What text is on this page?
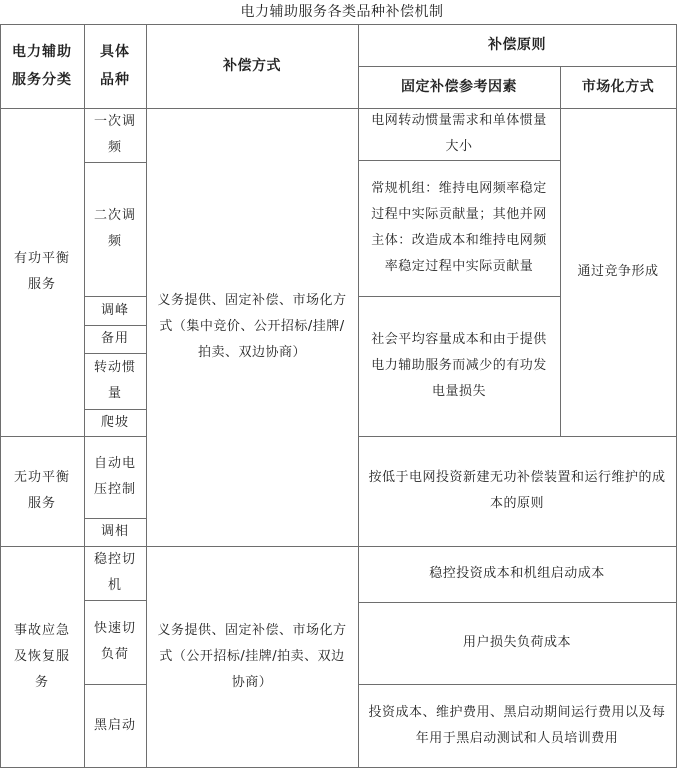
电力辅助服务各类品种补偿机制
电力辅助服务分类
具体品种
补偿方式
补偿原则
固定补偿参考因素	市场化方式
有功平衡服务
无功平衡服务
事故应急及恢复服务
一次调频
二次调频
调峰
备用
转动惯量
爬坡
自动电压控制
调相
稳控切机
快速切负荷
黑启动
义务提供、固定补偿、市场化方式（集中竞价、公开招标/挂牌/拍卖、双边协商）
义务提供、固定补偿、市场化方式（公开招标/挂牌/拍卖、双边协商）
电网转动惯量需求和单体惯量大小
常规机组：维持电网频率稳定过程中实际贡献量；其他并网主体：改造成本和维持电网频率稳定过程中实际贡献量
社会平均容量成本和由于提供电力辅助服务而减少的有功发电量损失
按低于电网投资新建无功补偿装置和运行维护的成本的原则
稳控投资成本和机组启动成本
用户损失负荷成本
投资成本、维护费用、黑启动期间运行费用以及每年用于黑启动测试和人员培训费用
通过竞争形成
